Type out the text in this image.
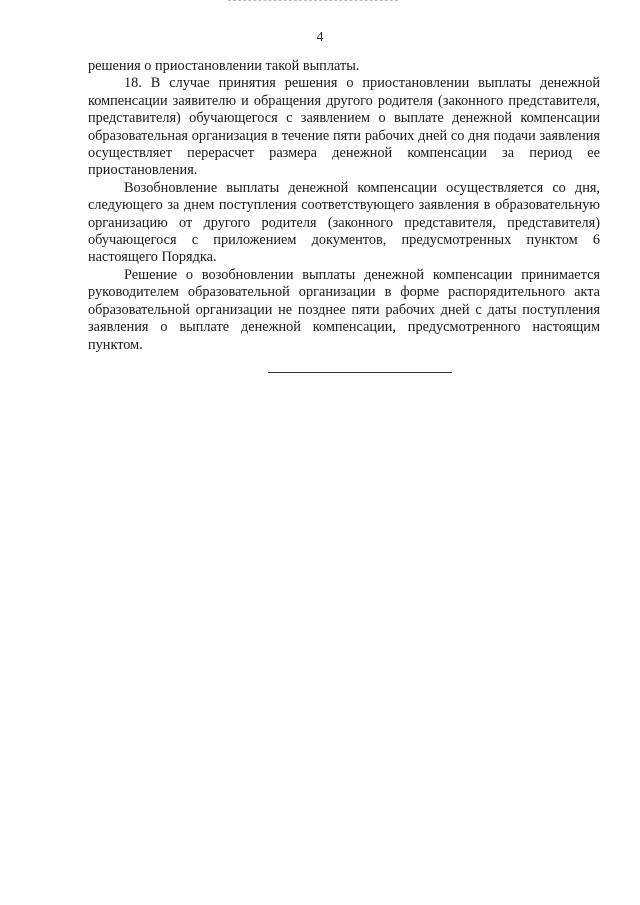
4

решения о приостановлении такой выплаты.

18. В случае принятия решения о приостановлении выплаты денежной компенсации заявителю и обращения другого родителя (законного представителя, представителя) обучающегося с заявлением о выплате денежной компенсации образовательная организация в течение пяти рабочих дней со дня подачи заявления осуществляет перерасчет размера денежной компенсации за период ее приостановления.

Возобновление выплаты денежной компенсации осуществляется со дня, следующего за днем поступления соответствующего заявления в образовательную организацию от другого родителя (законного представителя, представителя) обучающегося с приложением документов, предусмотренных пунктом 6 настоящего Порядка.

Решение о возобновлении выплаты денежной компенсации принимается руководителем образовательной организации в форме распорядительного акта образовательной организации не позднее пяти рабочих дней с даты поступления заявления о выплате денежной компенсации, предусмотренного настоящим пунктом.
